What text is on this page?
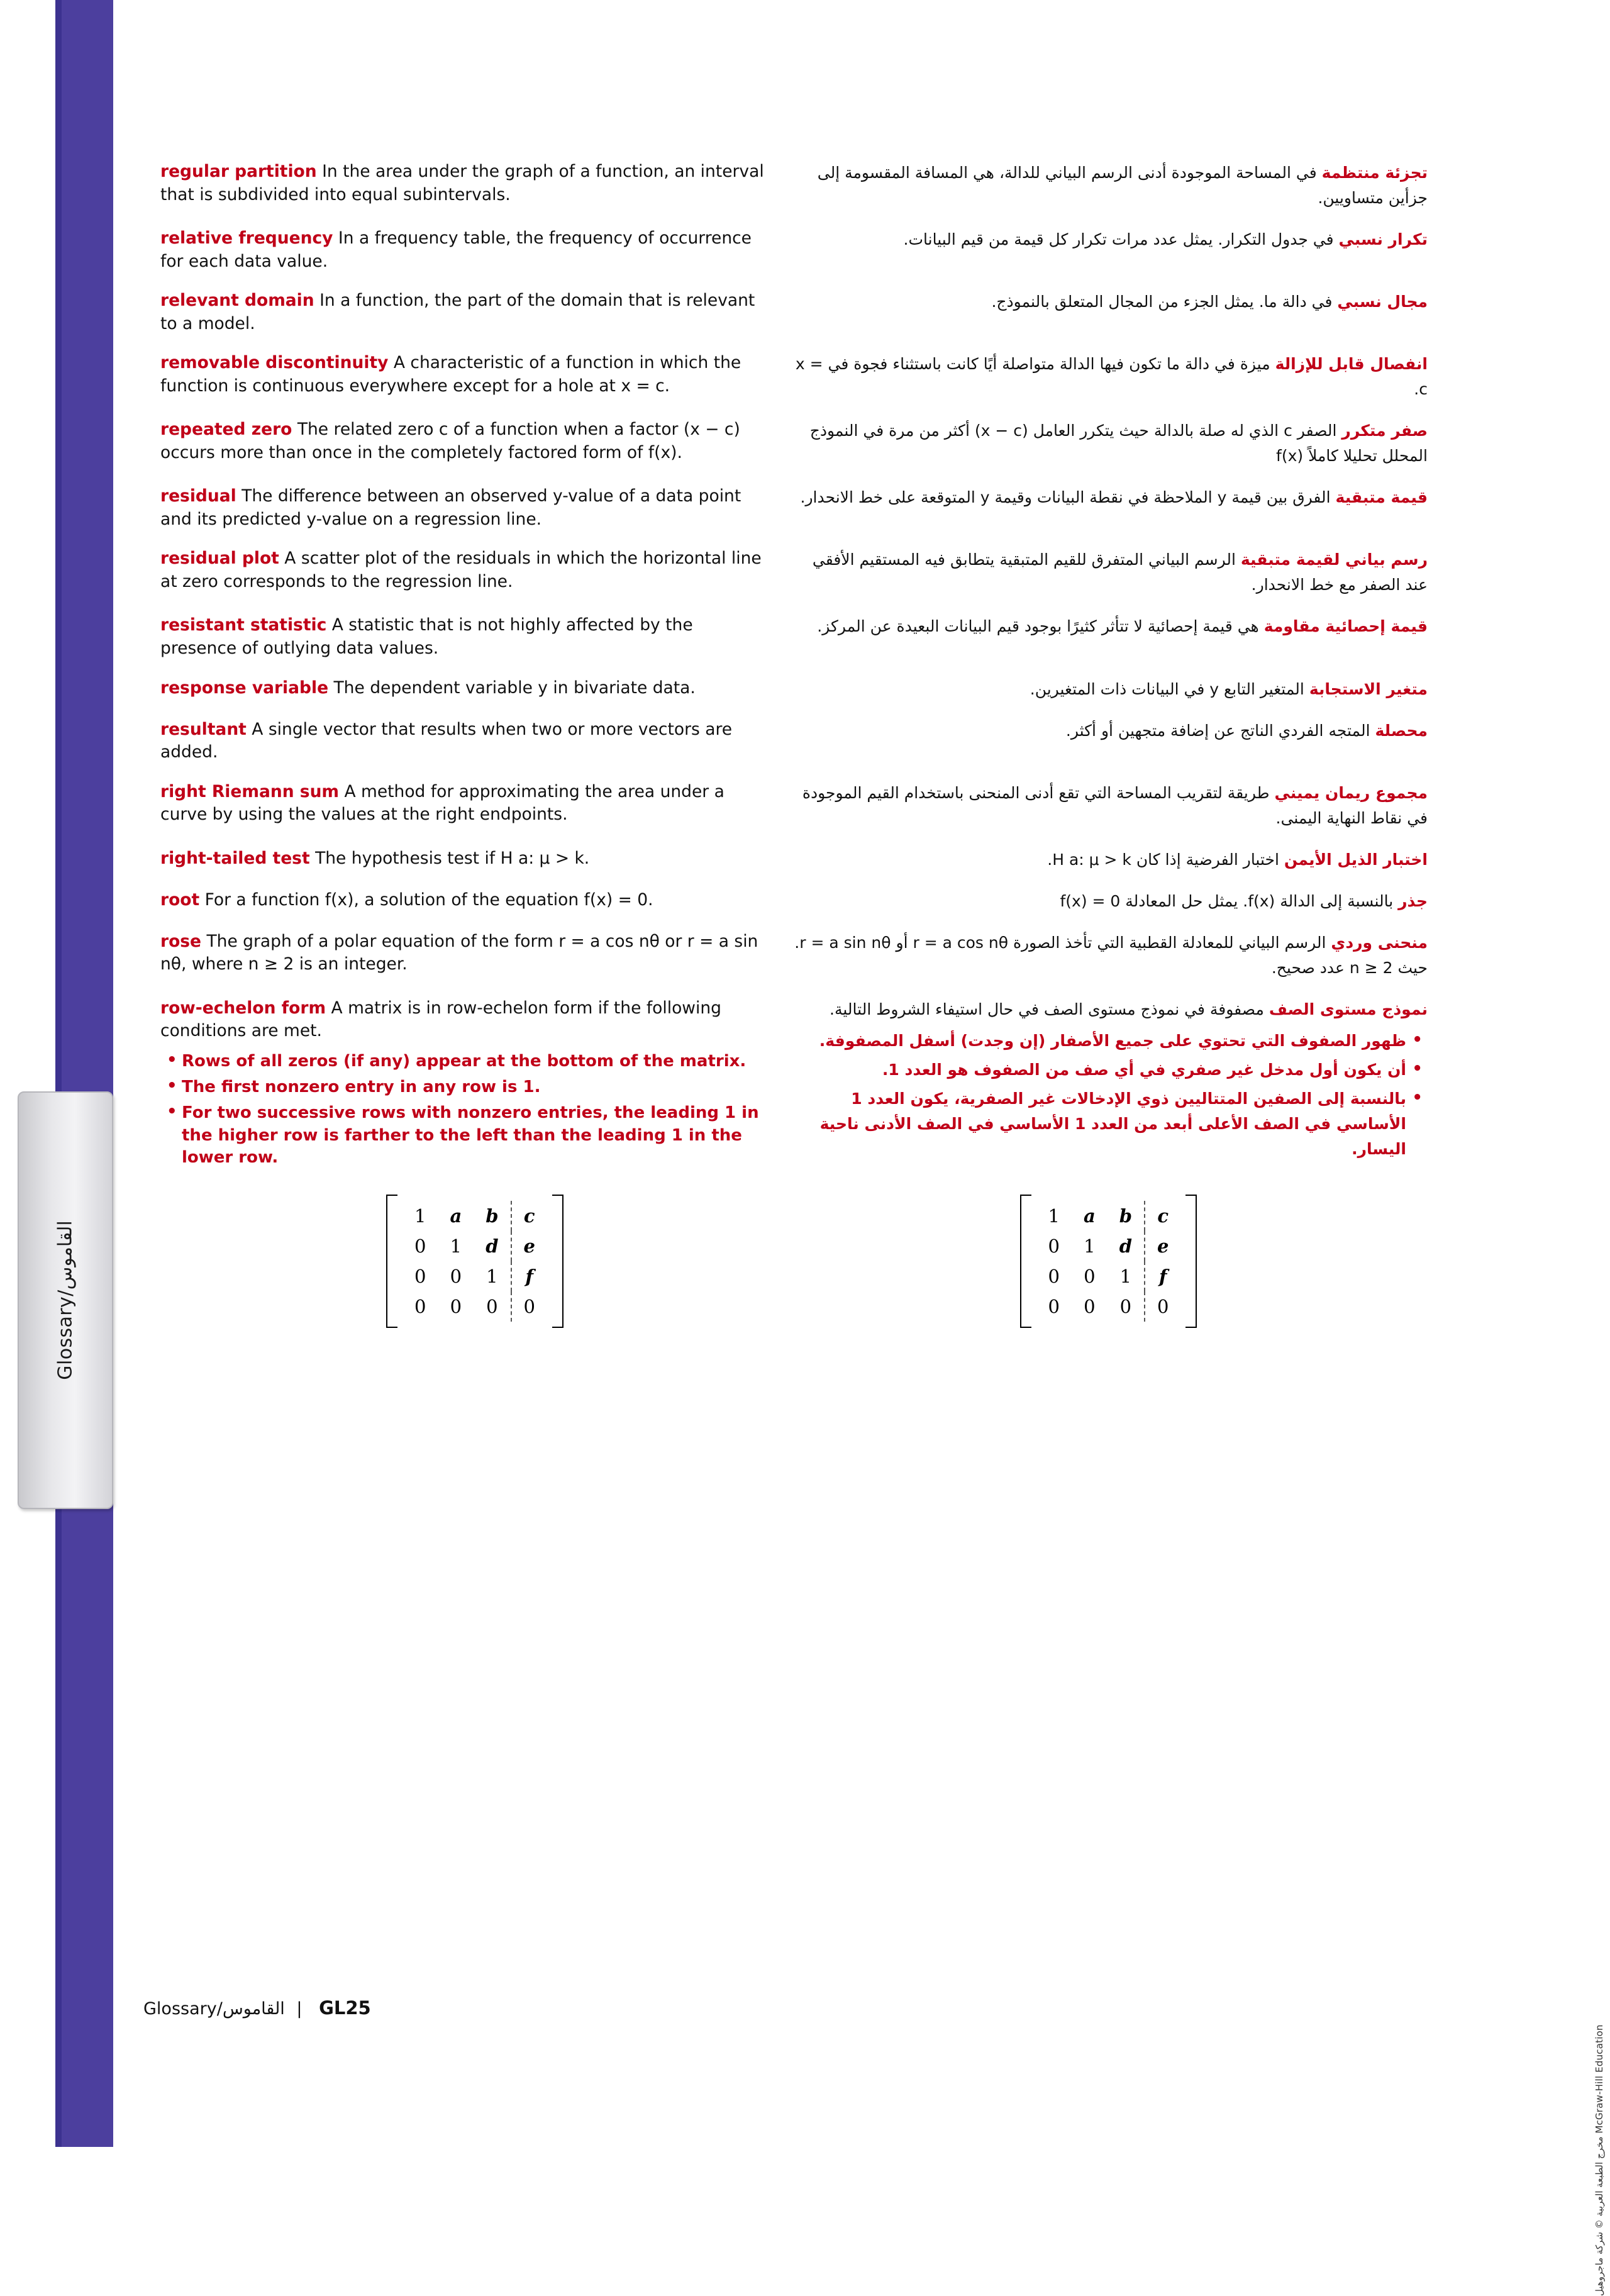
Glossary/القاموس
مخرج الطبعة العربية © شركة ماجروهيل McGraw-Hill Education
regular partition In the area under the graph of a function, an interval that is subdivided into equal subintervals.
تجزئة منتظمة في المساحة الموجودة أدنى الرسم البياني للدالة، هي المسافة المقسومة إلى جزأين متساويين.
relative frequency In a frequency table, the frequency of occurrence for each data value.
تكرار نسبي في جدول التكرار. يمثل عدد مرات تكرار كل قيمة من قيم البيانات.
relevant domain In a function, the part of the domain that is relevant to a model.
مجال نسبي في دالة ما. يمثل الجزء من المجال المتعلق بالنموذج.
removable discontinuity A characteristic of a function in which the function is continuous everywhere except for a hole at x = c.
انفصال قابل للإزالة ميزة في دالة ما تكون فيها الدالة متواصلة أيًا كانت باستثناء فجوة في x = c.
repeated zero The related zero c of a function when a factor (x − c) occurs more than once in the completely factored form of f(x).
صفر متكرر الصفر c الذي له صلة بالدالة حيث يتكرر العامل (x − c) أكثر من مرة في النموذج المحلل تحليلا كاملاً f(x)
residual The difference between an observed y-value of a data point and its predicted y-value on a regression line.
قيمة متبقية الفرق بين قيمة y الملاحظة في نقطة البيانات وقيمة y المتوقعة على خط الانحدار.
residual plot A scatter plot of the residuals in which the horizontal line at zero corresponds to the regression line.
رسم بياني لقيمة متبقية الرسم البياني المتفرق للقيم المتبقية يتطابق فيه المستقيم الأفقي عند الصفر مع خط الانحدار.
resistant statistic A statistic that is not highly affected by the presence of outlying data values.
قيمة إحصائية مقاومة هي قيمة إحصائية لا تتأثر كثيرًا بوجود قيم البيانات البعيدة عن المركز.
response variable The dependent variable y in bivariate data.	متغير الاستجابة المتغير التابع y في البيانات ذات المتغيرين.
resultant A single vector that results when two or more vectors are added.
محصلة المتجه الفردي الناتج عن إضافة متجهين أو أكثر.
right Riemann sum A method for approximating the area under a curve by using the values at the right endpoints.
مجموع ريمان يميني طريقة لتقريب المساحة التي تقع أدنى المنحنى باستخدام القيم الموجودة في نقاط النهاية اليمنى.
right-tailed test The hypothesis test if H a: μ > k.	اختبار الذيل الأيمن اختبار الفرضية إذا كان H a: μ > k.
root For a function f(x), a solution of the equation f(x) = 0.	جذر بالنسبة إلى الدالة f(x). يمثل حل المعادلة f(x) = 0
rose The graph of a polar equation of the form r = a cos nθ or r = a sin nθ, where n ≥ 2 is an integer.
منحنى وردي الرسم البياني للمعادلة القطبية التي تأخذ الصورة r = a cos nθ أو r = a sin nθ. حيث n ≥ 2 عدد صحيح.
row-echelon form A matrix is in row-echelon form if the following conditions are met.
• Rows of all zeros (if any) appear at the bottom of the matrix.
• The first nonzero entry in any row is 1.
• For two successive rows with nonzero entries, the leading 1 in the higher row is farther to the left than the leading 1 in the lower row.
نموذج مستوى الصف مصفوفة في نموذج مستوى الصف في حال استيفاء الشروط التالية.
• ظهور الصفوف التي تحتوي على جميع الأصفار (إن وجدت) أسفل المصفوفة.
• أن يكون أول مدخل غير صفري في أي صف من الصفوف هو العدد 1.
• بالنسبة إلى الصفين المتتاليين ذوي الإدخالات غير الصفرية، يكون العدد 1 الأساسي في الصف الأعلى أبعد من العدد 1 الأساسي في الصف الأدنى ناحية اليسار.
1	a	b	c
0	1	d	e
0	0	1	f
0	0	0	0
1	a	b	c
0	1	d	e
0	0	1	f
0	0	0	0
Glossary/القاموس | GL25
